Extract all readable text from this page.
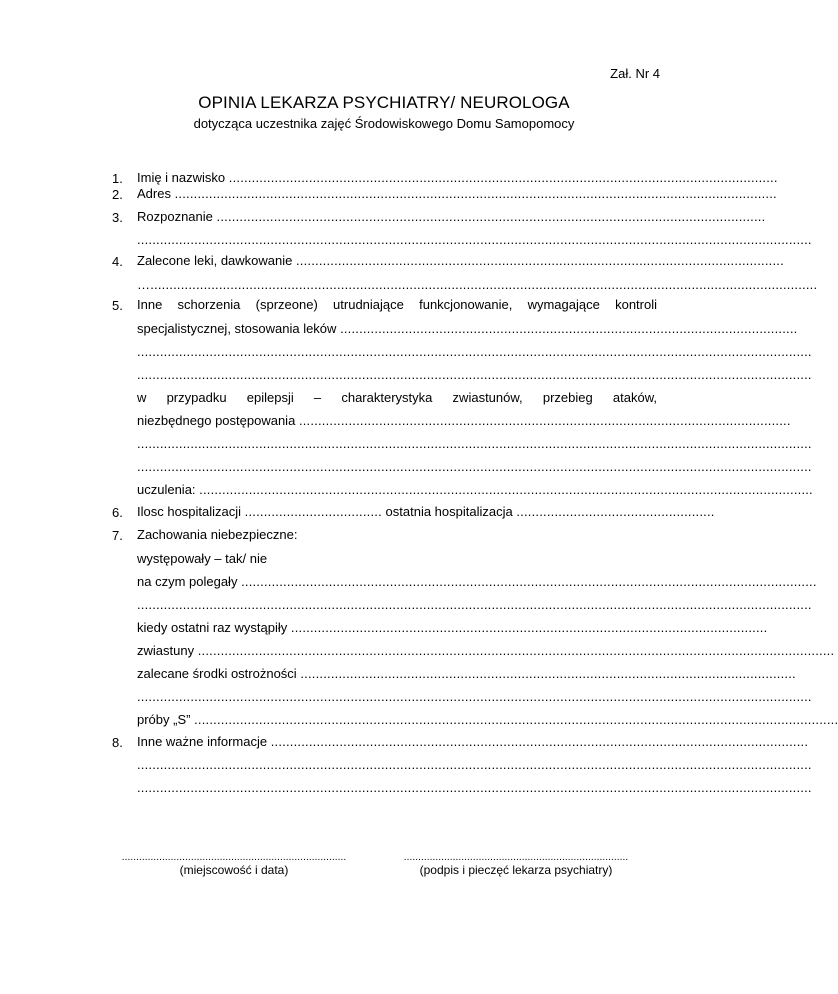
Zał. Nr 4
OPINIA LEKARZA PSYCHIATRY/ NEUROLOGA
dotycząca uczestnika zajęć Środowiskowego Domu Samopomocy
1. Imię i nazwisko ................................................................................................................................................
2. Adres ..............................................................................................................................................................
3. Rozpoznanie ................................................................................................................................................
.................................................................................................................................................................................
4. Zalecone leki, dawkowanie ................................................................................................................................
…...............................................................................................................................................................................
5. Inne schorzenia (sprzeone) utrudniające funkcjonowanie, wymagające kontroli
specjalistycznej, stosowania leków ........................................................................................................................
.................................................................................................................................................................................
.................................................................................................................................................................................
w przypadku epilepsji – charakterystyka zwiastunów, przebieg ataków,
niezbędnego postępowania .................................................................................................................................
.................................................................................................................................................................................
.................................................................................................................................................................................
uczulenia: .................................................................................................................................................................
6. Ilosc hospitalizacji .................................... ostatnia hospitalizacja ....................................................
7. Zachowania niebezpieczne:
występowały – tak/ nie
na czym polegały .......................................................................................................................................................
.................................................................................................................................................................................
kiedy ostatni raz wystąpiły .............................................................................................................................
zwiastuny .......................................................................................................................................................................
zalecane środki ostrożności ..................................................................................................................................
.................................................................................................................................................................................
próby „S” .........................................................................................................................................................................
8. Inne ważne informacje .............................................................................................................................................
.................................................................................................................................................................................
.................................................................................................................................................................................
..............................................................................
(miejscowość i data)
..............................................................................
(podpis i pieczęć lekarza psychiatry)
